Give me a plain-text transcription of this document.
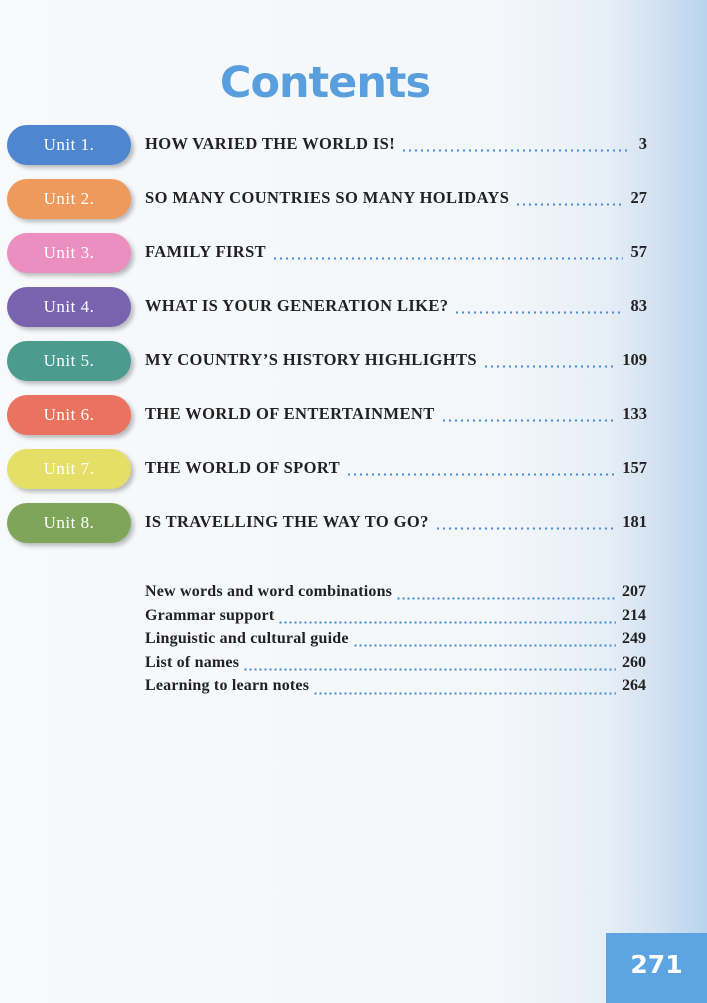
Contents
Unit 1.	HOW VARIED THE WORLD IS!	3
Unit 2.	SO MANY COUNTRIES SO MANY HOLIDAYS	27
Unit 3.	FAMILY FIRST	57
Unit 4.	WHAT IS YOUR GENERATION LIKE?	83
Unit 5.	MY COUNTRY’S HISTORY HIGHLIGHTS	109
Unit 6.	THE WORLD OF ENTERTAINMENT	133
Unit 7.	THE WORLD OF SPORT	157
Unit 8.	IS TRAVELLING THE WAY TO GO?	181
New words and word combinations	207
Grammar support	214
Linguistic and cultural guide	249
List of names	260
Learning to learn notes	264
271
